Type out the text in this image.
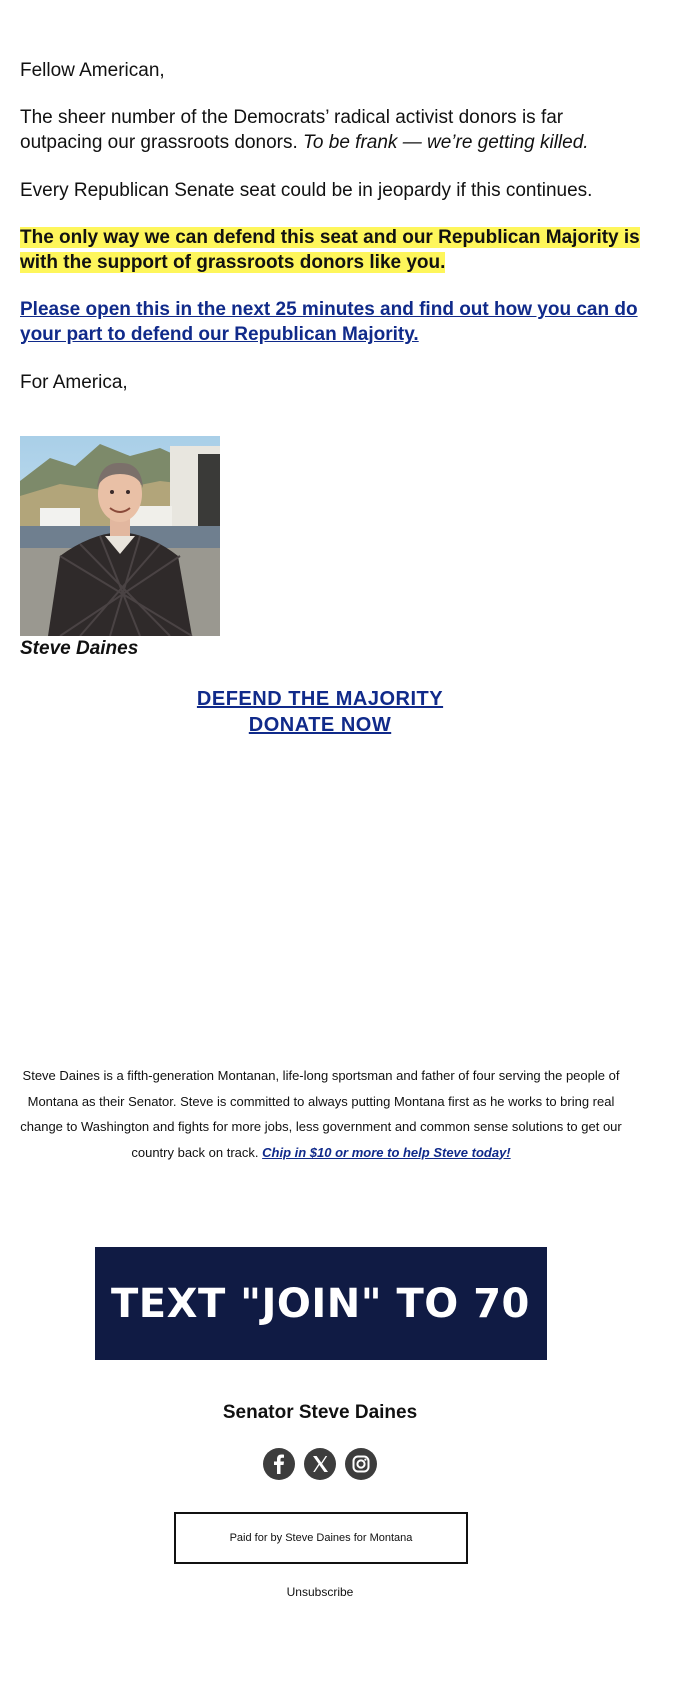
Fellow American,

The sheer number of the Democrats’ radical activist donors is far outpacing our grassroots donors. To be frank — we’re getting killed.

Every Republican Senate seat could be in jeopardy if this continues.

The only way we can defend this seat and our Republican Majority is with the support of grassroots donors like you.

Please open this in the next 25 minutes and find out how you can do your part to defend our Republican Majority.

For America,

Steve Daines
DEFEND THE MAJORITY
DONATE NOW
Steve Daines is a fifth-generation Montanan, life-long sportsman and father of four serving the people of Montana as their Senator. Steve is committed to always putting Montana first as he works to bring real change to Washington and fights for more jobs, less government and common sense solutions to get our country back on track. Chip in $10 or more to help Steve today!
TEXT "JOIN" TO 70
Senator Steve Daines
Paid for by Steve Daines for Montana
Unsubscribe
